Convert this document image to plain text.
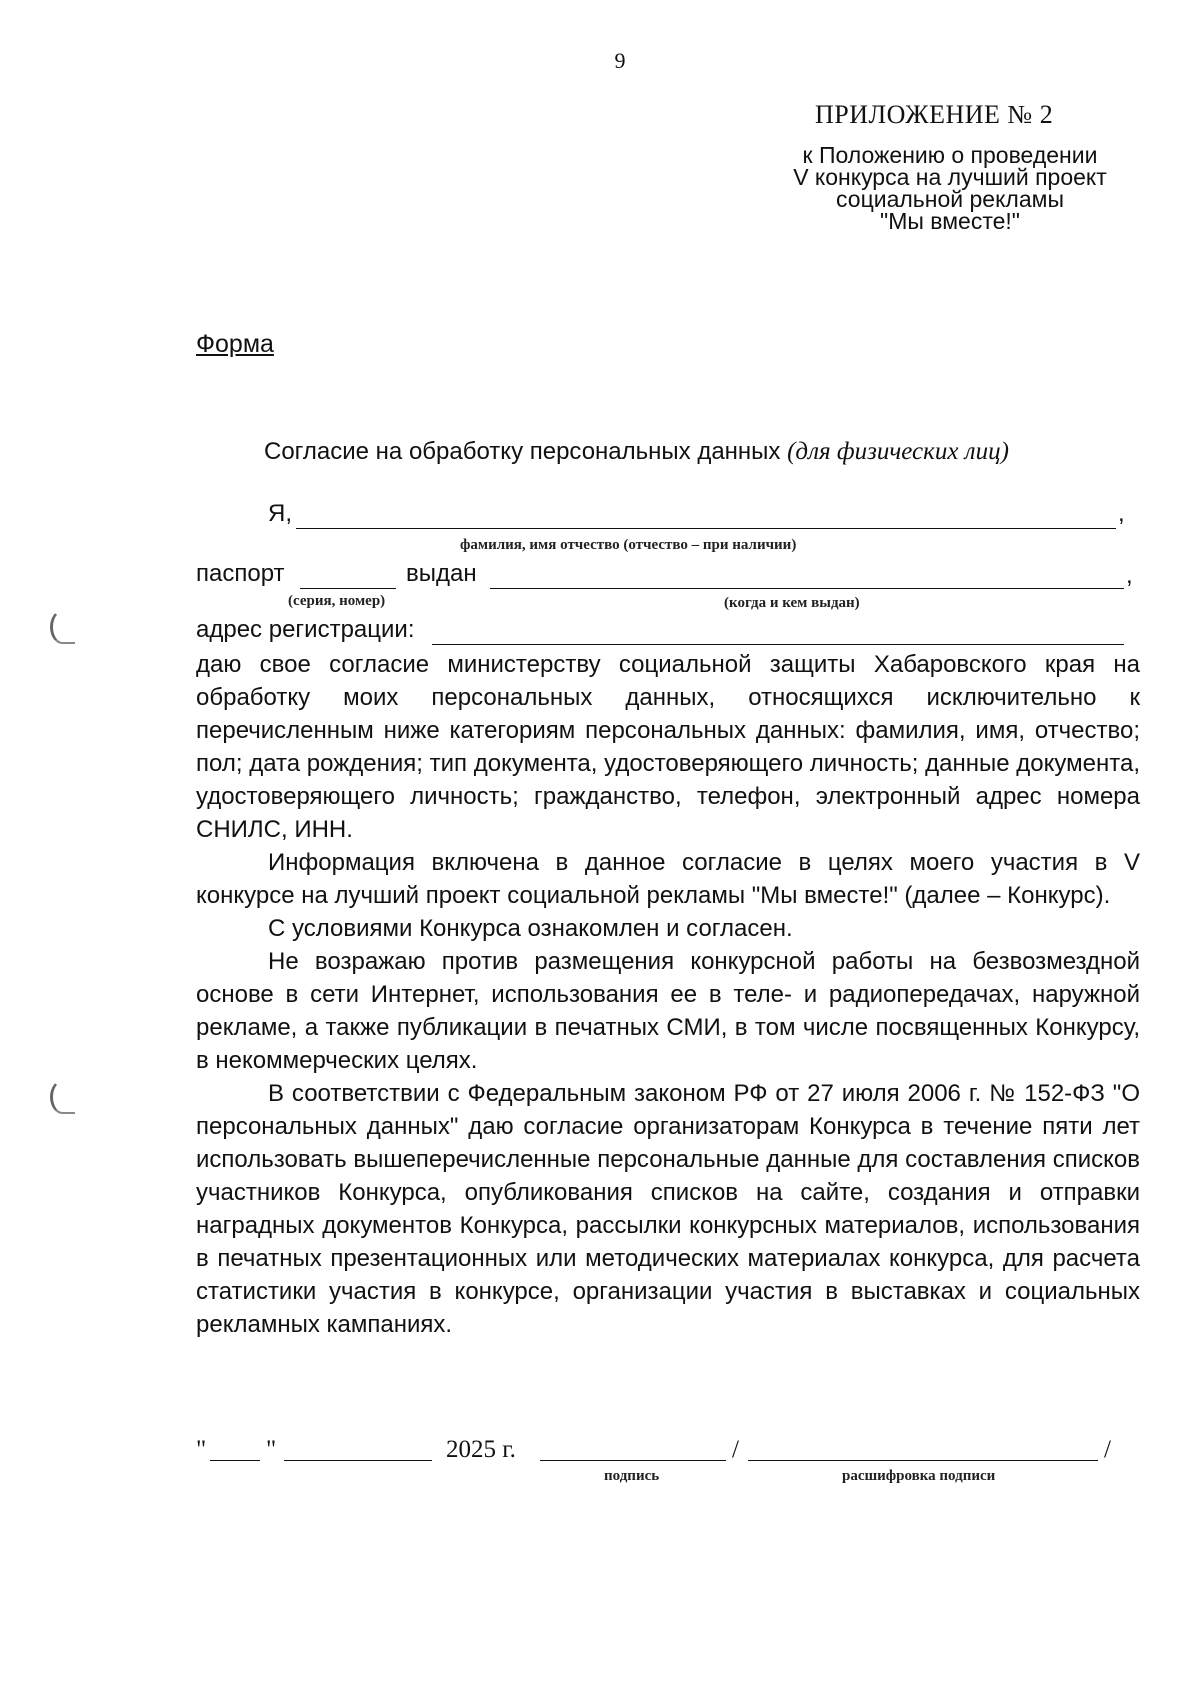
9
ПРИЛОЖЕНИЕ № 2
к Положению о проведении
V конкурса на лучший проект
социальной рекламы
"Мы вместе!"
Форма
Согласие на обработку персональных данных (для физических лиц)
Я,	,
фамилия, имя отчество (отчество – при наличии)
паспорт	выдан	,
(серия, номер)	(когда и кем выдан)
адрес регистрации:

даю свое согласие министерству социальной защиты Хабаровского края на обработку моих персональных данных, относящихся исключительно к перечисленным ниже категориям персональных данных: фамилия, имя, отчество; пол; дата рождения; тип документа, удостоверяющего личность; данные документа, удостоверяющего личность; гражданство, телефон, электронный адрес номера СНИЛС, ИНН.

Информация включена в данное согласие в целях моего участия в V конкурсе на лучший проект социальной рекламы "Мы вместе!" (далее – Конкурс).

С условиями Конкурса ознакомлен и согласен.

Не возражаю против размещения конкурсной работы на безвозмездной основе в сети Интернет, использования ее в теле- и радиопередачах, наружной рекламе, а также публикации в печатных СМИ, в том числе посвященных Конкурсу, в некоммерческих целях.

В соответствии с Федеральным законом РФ от 27 июля 2006 г. № 152-ФЗ "О персональных данных" даю согласие организаторам Конкурса в течение пяти лет использовать вышеперечисленные персональные данные для составления списков участников Конкурса, опубликования списков на сайте, создания и отправки наградных документов Конкурса, рассылки конкурсных материалов, использования в печатных презентационных или методических материалах конкурса, для расчета статистики участия в конкурсе, организации участия в выставках и социальных рекламных кампаниях.

" "	2025 г.	/	/
подпись	расшифровка подписи
